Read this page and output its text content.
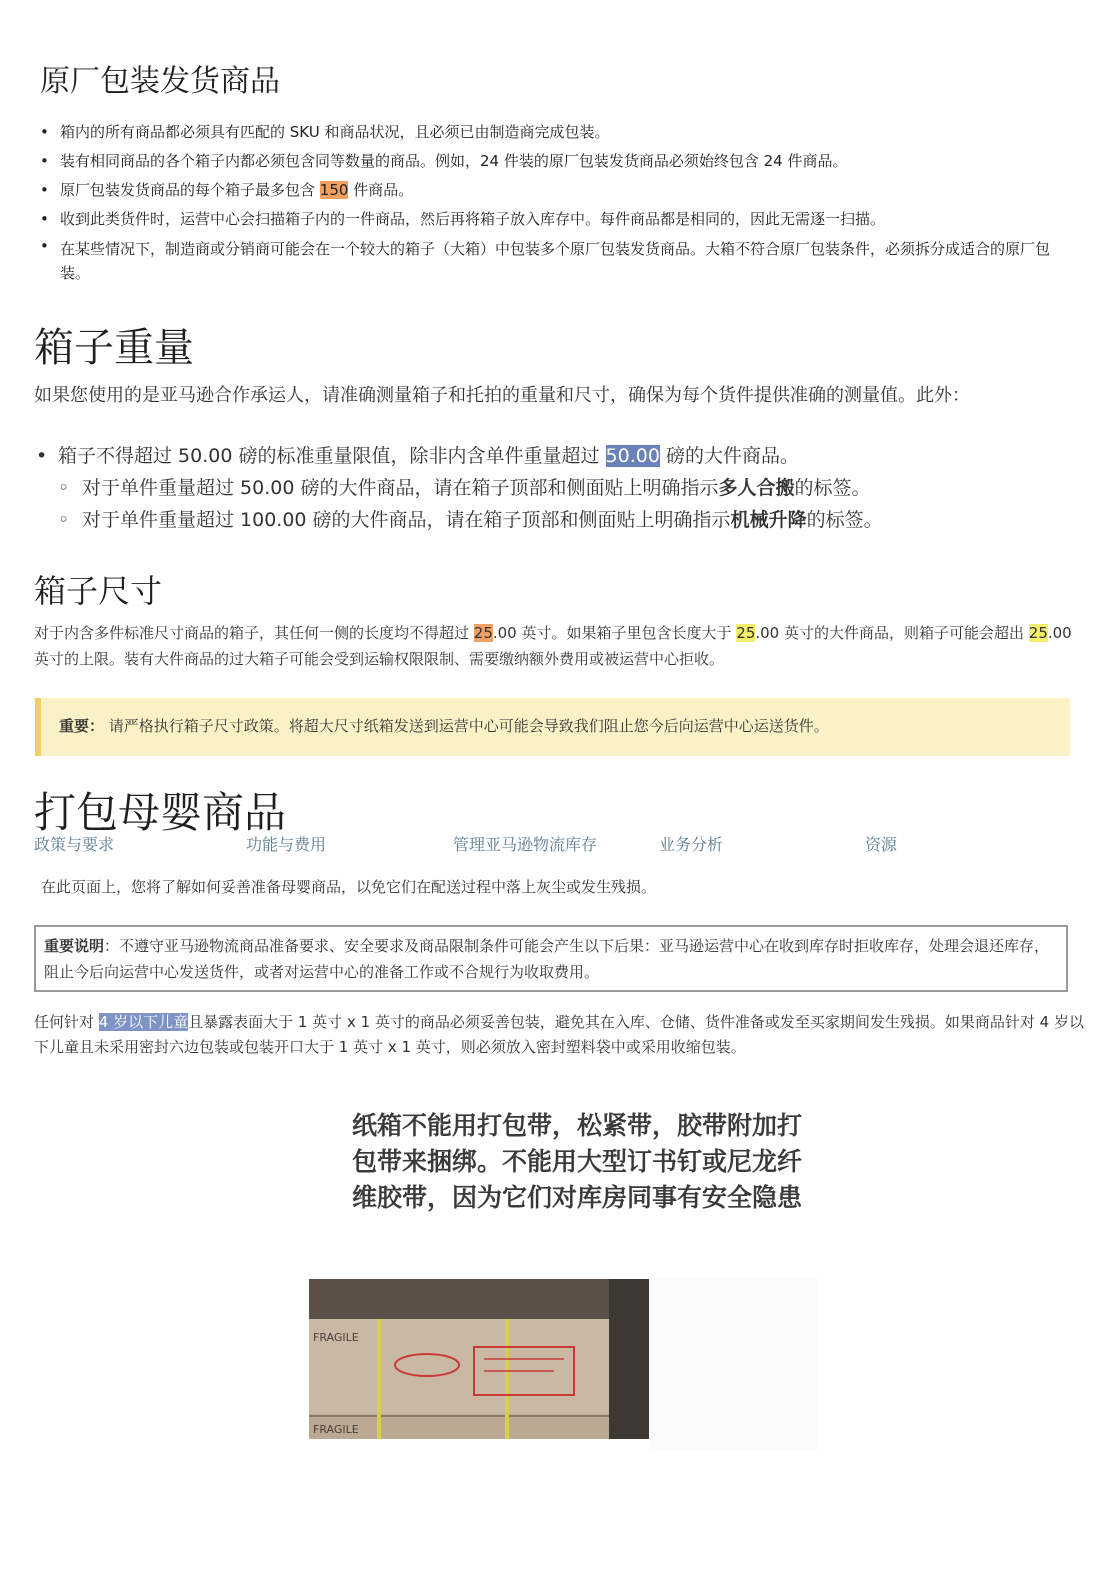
原厂包装发货商品
• 箱内的所有商品都必须具有匹配的 SKU 和商品状况，且必须已由制造商完成包装。
• 装有相同商品的各个箱子内都必须包含同等数量的商品。例如，24 件装的原厂包装发货商品必须始终包含 24 件商品。
• 原厂包装发货商品的每个箱子最多包含 150 件商品。
• 收到此类货件时，运营中心会扫描箱子内的一件商品，然后再将箱子放入库存中。每件商品都是相同的，因此无需逐一扫描。
• 在某些情况下，制造商或分销商可能会在一个较大的箱子（大箱）中包装多个原厂包装发货商品。大箱不符合原厂包装条件，必须拆分成适合的原厂包装。
箱子重量
如果您使用的是亚马逊合作承运人，请准确测量箱子和托拍的重量和尺寸，确保为每个货件提供准确的测量值。此外：
• 箱子不得超过 50.00 磅的标准重量限值，除非内含单件重量超过 50.00 磅的大件商品。
◦ 对于单件重量超过 50.00 磅的大件商品，请在箱子顶部和侧面贴上明确指示多人合搬的标签。
◦ 对于单件重量超过 100.00 磅的大件商品，请在箱子顶部和侧面贴上明确指示机械升降的标签。
箱子尺寸
对于内含多件标准尺寸商品的箱子，其任何一侧的长度均不得超过 25.00 英寸。如果箱子里包含长度大于 25.00 英寸的大件商品，则箱子可能会超出 25.00 英寸的上限。装有大件商品的过大箱子可能会受到运输权限限制、需要缴纳额外费用或被运营中心拒收。
重要： 请严格执行箱子尺寸政策。将超大尺寸纸箱发送到运营中心可能会导致我们阻止您今后向运营中心运送货件。
打包母婴商品
政策与要求	功能与费用	管理亚马逊物流库存	业务分析	资源
在此页面上，您将了解如何妥善准备母婴商品，以免它们在配送过程中落上灰尘或发生残损。
重要说明：不遵守亚马逊物流商品准备要求、安全要求及商品限制条件可能会产生以下后果：亚马逊运营中心在收到库存时拒收库存，处理会退还库存，阻止今后向运营中心发送货件，或者对运营中心的准备工作或不合规行为收取费用。
任何针对 4 岁以下儿童且暴露表面大于 1 英寸 x 1 英寸的商品必须妥善包装，避免其在入库、仓储、货件准备或发至买家期间发生残损。如果商品针对 4 岁以下儿童且未采用密封六边包装或包装开口大于 1 英寸 x 1 英寸，则必须放入密封塑料袋中或采用收缩包装。
纸箱不能用打包带，松紧带，胶带附加打包带来捆绑。不能用大型订书钉或尼龙纤维胶带，因为它们对库房同事有安全隐患
FRAGILE
FRAGILE
